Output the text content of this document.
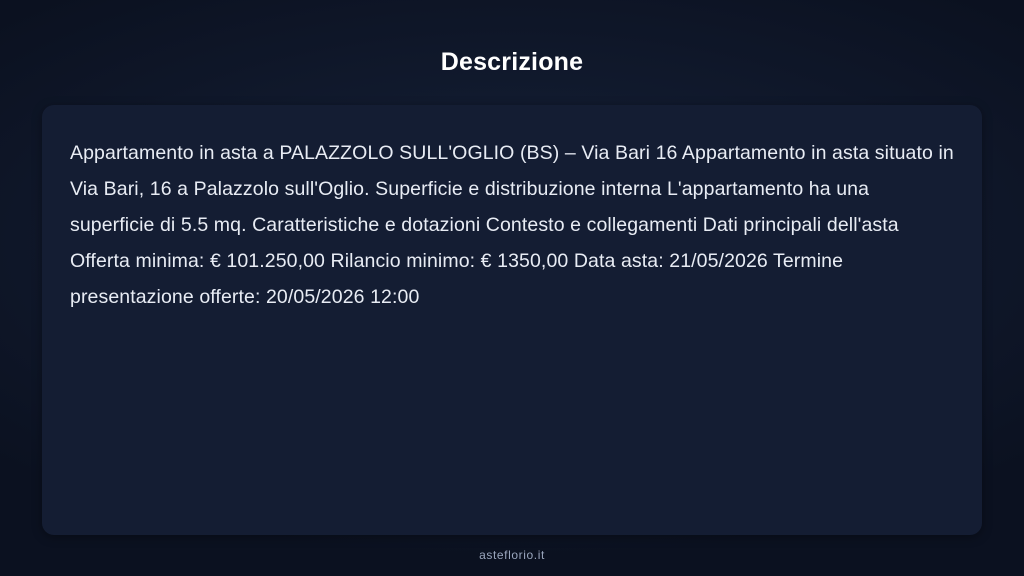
Descrizione
Appartamento in asta a PALAZZOLO SULL'OGLIO (BS) – Via Bari 16 Appartamento in asta situato in Via Bari, 16 a Palazzolo sull'Oglio. Superficie e distribuzione interna L'appartamento ha una superficie di 5.5 mq. Caratteristiche e dotazioni Contesto e collegamenti Dati principali dell'asta Offerta minima: € 101.250,00 Rilancio minimo: € 1350,00 Data asta: 21/05/2026 Termine presentazione offerte: 20/05/2026 12:00
asteflorio.it
